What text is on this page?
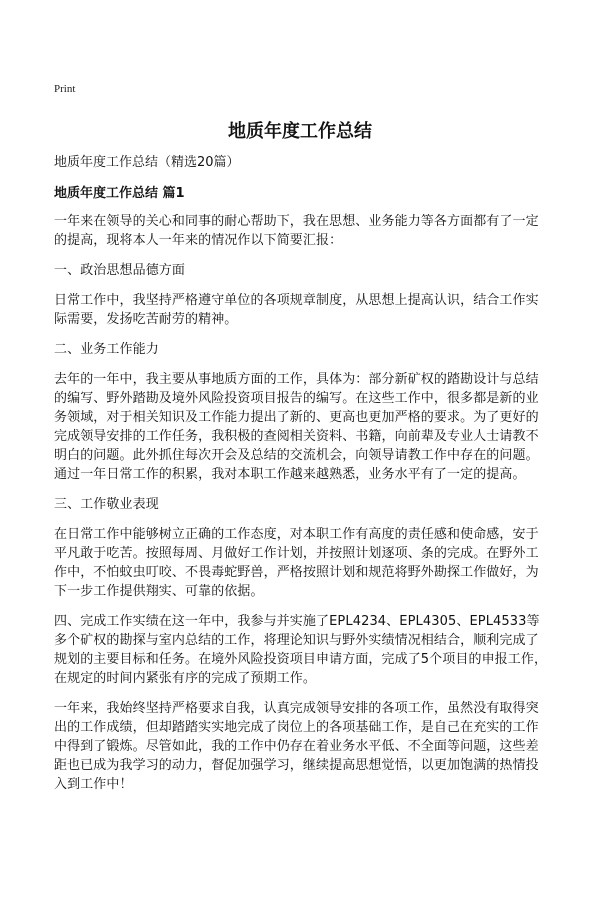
Print
地质年度工作总结

地质年度工作总结（精选20篇）

地质年度工作总结 篇1

一年来在领导的关心和同事的耐心帮助下，我在思想、业务能力等各方面都有了一定的提高，现将本人一年来的情况作以下简要汇报：

一、政治思想品德方面

日常工作中，我坚持严格遵守单位的各项规章制度，从思想上提高认识，结合工作实际需要，发扬吃苦耐劳的精神。

二、业务工作能力

去年的一年中，我主要从事地质方面的工作，具体为：部分新矿权的踏勘设计与总结的编写、野外踏勘及境外风险投资项目报告的编写。在这些工作中，很多都是新的业务领域，对于相关知识及工作能力提出了新的、更高也更加严格的要求。为了更好的完成领导安排的工作任务，我积极的查阅相关资料、书籍，向前辈及专业人士请教不明白的问题。此外抓住每次开会及总结的交流机会，向领导请教工作中存在的问题。通过一年日常工作的积累，我对本职工作越来越熟悉，业务水平有了一定的提高。

三、工作敬业表现

在日常工作中能够树立正确的工作态度，对本职工作有高度的责任感和使命感，安于平凡敢于吃苦。按照每周、月做好工作计划，并按照计划逐项、条的完成。在野外工作中，不怕蚊虫叮咬、不畏毒蛇野兽，严格按照计划和规范将野外勘探工作做好，为下一步工作提供翔实、可靠的依据。

四、完成工作实绩在这一年中，我参与并实施了EPL4234、EPL4305、EPL4533等多个矿权的勘探与室内总结的工作，将理论知识与野外实绩情况相结合，顺利完成了规划的主要目标和任务。在境外风险投资项目申请方面，完成了5个项目的申报工作，在规定的时间内紧张有序的完成了预期工作。

一年来，我始终坚持严格要求自我，认真完成领导安排的各项工作，虽然没有取得突出的工作成绩，但却踏踏实实地完成了岗位上的各项基础工作，是自己在充实的工作中得到了锻炼。尽管如此，我的工作中仍存在着业务水平低、不全面等问题，这些差距也已成为我学习的动力，督促加强学习，继续提高思想觉悟，以更加饱满的热情投入到工作中！
